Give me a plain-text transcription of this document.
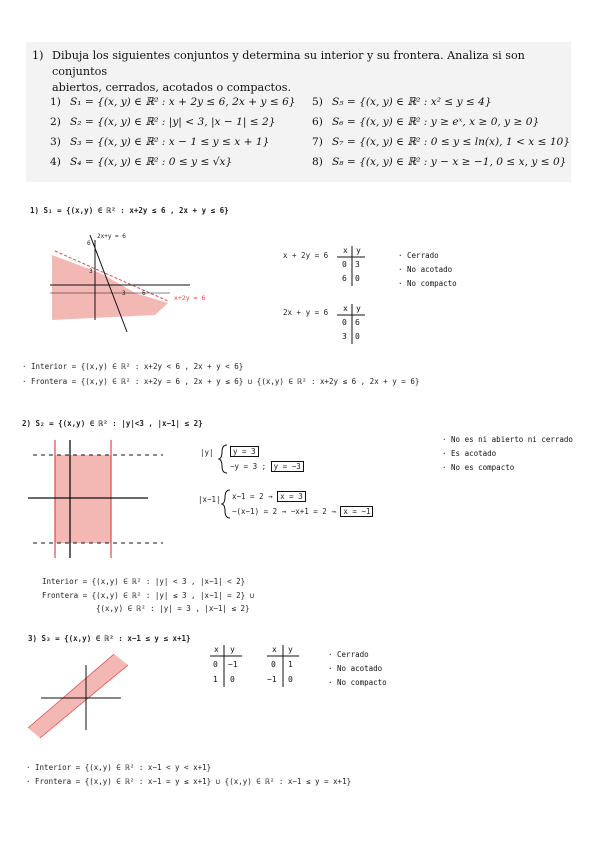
1) Dibuja los siguientes conjuntos y determina su interior y su frontera. Analiza si son conjuntos
abiertos, cerrados, acotados o compactos.
1) S₁ = {(x, y) ∈ ℝ² : x + 2y ≤ 6, 2x + y ≤ 6}
2) S₂ = {(x, y) ∈ ℝ² : |y| < 3, |x − 1| ≤ 2}
3) S₃ = {(x, y) ∈ ℝ² : x − 1 ≤ y ≤ x + 1}
4) S₄ = {(x, y) ∈ ℝ² : 0 ≤ y ≤ √x}
5) S₅ = {(x, y) ∈ ℝ² : x² ≤ y ≤ 4}
6) S₆ = {(x, y) ∈ ℝ² : y ≥ eˣ, x ≥ 0, y ≥ 0}
7) S₇ = {(x, y) ∈ ℝ² : 0 ≤ y ≤ ln(x), 1 < x ≤ 10}
8) S₈ = {(x, y) ∈ ℝ² : y − x ≥ −1, 0 ≤ x, y ≤ 0}
1) S₁ = {(x,y) ∈ ℝ² : x+2y ≤ 6 , 2x + y ≤ 6}
2x+y = 6
x+2y = 6
6
3
3	6
x + 2y = 6
x y
0 3
6 0
· Cerrado
· No acotado
· No compacto
2x + y = 6 x y
0 6
3 0
· Interior = {(x,y) ∈ ℝ² : x+2y < 6 , 2x + y < 6}
· Frontera = {(x,y) ∈ ℝ² : x+2y = 6 , 2x + y ≤ 6} ∪ {(x,y) ∈ ℝ² : x+2y ≤ 6 , 2x + y = 6}
2) S₂ = {(x,y) ∈ ℝ² : |y|<3 , |x−1| ≤ 2}
|y|	y = 3
−y = 3 ; y = −3
|x−1| x−1 = 2 → x = 3
−(x−1) = 2 → −x+1 = 2 → x = −1
· No es ni abierto ni cerrado
· Es acotado
· No es compacto
Interior = {(x,y) ∈ ℝ² : |y| < 3 , |x−1| < 2}
Frontera = {(x,y) ∈ ℝ² : |y| ≤ 3 , |x−1| = 2} ∪
{(x,y) ∈ ℝ² : |y| = 3 , |x−1| ≤ 2}
3) S₃ = {(x,y) ∈ ℝ² : x−1 ≤ y ≤ x+1}
x y
0 −1
1 0
x y
0 1
−1 0
· Cerrado
· No acotado
· No compacto
· Interior = {(x,y) ∈ ℝ² : x−1 < y < x+1}
· Frontera = {(x,y) ∈ ℝ² : x−1 = y ≤ x+1} ∪ {(x,y) ∈ ℝ² : x−1 ≤ y = x+1}
